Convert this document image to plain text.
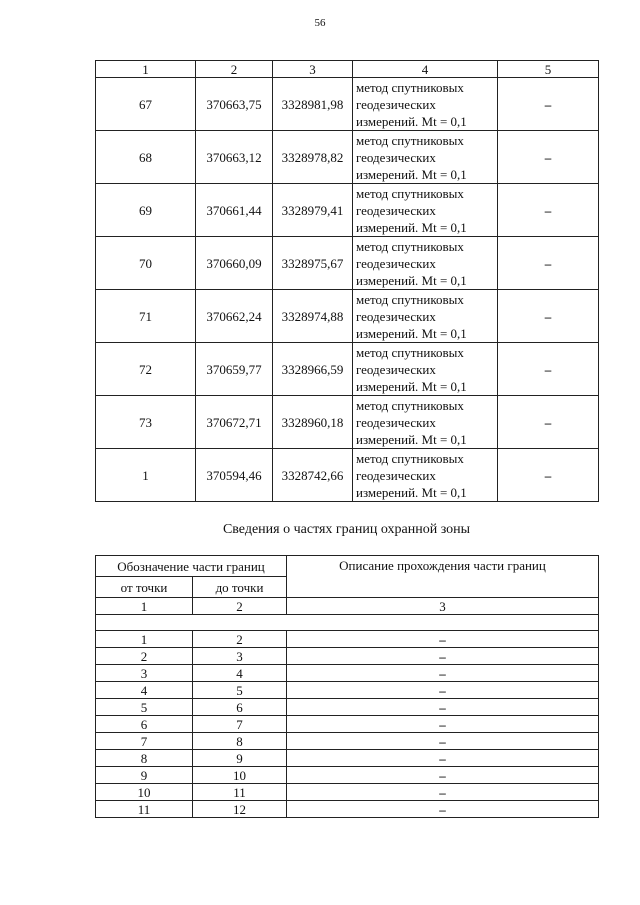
56
1	2	3	4	5
67	370663,75	3328981,98	метод спутниковых
геодезических
измерений. Mt = 0,1	–
68	370663,12	3328978,82	метод спутниковых
геодезических
измерений. Mt = 0,1	–
69	370661,44	3328979,41	метод спутниковых
геодезических
измерений. Mt = 0,1	–
70	370660,09	3328975,67	метод спутниковых
геодезических
измерений. Mt = 0,1	–
71	370662,24	3328974,88	метод спутниковых
геодезических
измерений. Mt = 0,1	–
72	370659,77	3328966,59	метод спутниковых
геодезических
измерений. Mt = 0,1	–
73	370672,71	3328960,18	метод спутниковых
геодезических
измерений. Mt = 0,1	–
1	370594,46	3328742,66	метод спутниковых
геодезических
измерений. Mt = 0,1	–
Сведения о частях границ охранной зоны
Обозначение части границ		Описание прохождения части границ
от точки	до точки	
1	2	3

1	2	–
2	3	–
3	4	–
4	5	–
5	6	–
6	7	–
7	8	–
8	9	–
9	10	–
10	11	–
11	12	–
